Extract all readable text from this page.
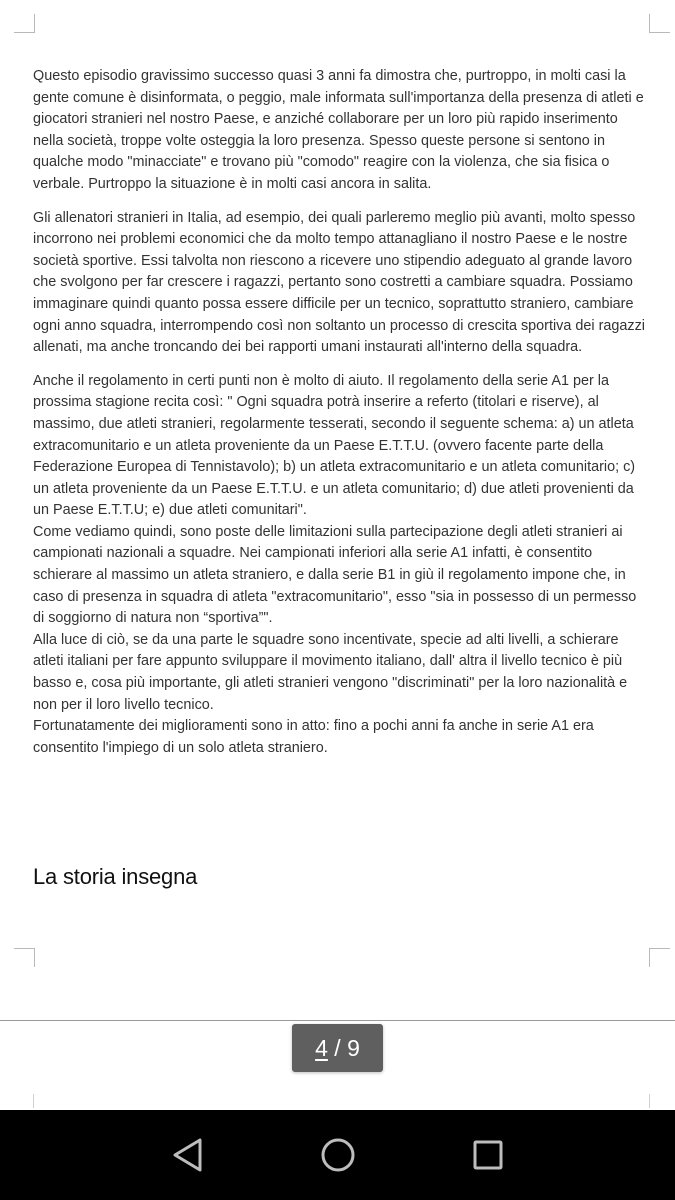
Questo episodio gravissimo successo quasi 3 anni fa dimostra che, purtroppo, in molti casi la gente comune è disinformata, o peggio, male informata sull'importanza della presenza di atleti e giocatori stranieri nel nostro Paese, e anziché collaborare per un loro più rapido inserimento nella società, troppe volte osteggia la loro presenza. Spesso queste persone si sentono in qualche modo "minacciate" e trovano più "comodo" reagire con la violenza, che sia fisica o verbale. Purtroppo la situazione è in molti casi ancora in salita.

Gli allenatori stranieri in Italia, ad esempio, dei quali parleremo meglio più avanti, molto spesso incorrono nei problemi economici che da molto tempo attanagliano il nostro Paese e le nostre società sportive. Essi talvolta non riescono a ricevere uno stipendio adeguato al grande lavoro che svolgono per far crescere i ragazzi, pertanto sono costretti a cambiare squadra. Possiamo immaginare quindi quanto possa essere difficile per un tecnico, soprattutto straniero, cambiare ogni anno squadra, interrompendo così non soltanto un processo di crescita sportiva dei ragazzi allenati, ma anche troncando dei bei rapporti umani instaurati all'interno della squadra.

Anche il regolamento in certi punti non è molto di aiuto. Il regolamento della serie A1 per la prossima stagione recita così: " Ogni squadra potrà inserire a referto (titolari e riserve), al massimo, due atleti stranieri, regolarmente tesserati, secondo il seguente schema: a) un atleta extracomunitario e un atleta proveniente da un Paese E.T.T.U. (ovvero facente parte della Federazione Europea di Tennistavolo); b) un atleta extracomunitario e un atleta comunitario; c) un atleta proveniente da un Paese E.T.T.U. e un atleta comunitario; d) due atleti provenienti da un Paese E.T.T.U; e) due atleti comunitari".

Come vediamo quindi, sono poste delle limitazioni sulla partecipazione degli atleti stranieri ai campionati nazionali a squadre. Nei campionati inferiori alla serie A1 infatti, è consentito schierare al massimo un atleta straniero, e dalla serie B1 in giù il regolamento impone che, in caso di presenza in squadra di atleta "extracomunitario", esso "sia in possesso di un permesso di soggiorno di natura non “sportiva”".

Alla luce di ciò, se da una parte le squadre sono incentivate, specie ad alti livelli, a schierare atleti italiani per fare appunto sviluppare il movimento italiano, dall' altra il livello tecnico è più basso e, cosa più importante, gli atleti stranieri vengono "discriminati" per la loro nazionalità e non per il loro livello tecnico.

Fortunatamente dei miglioramenti sono in atto: fino a pochi anni fa anche in serie A1 era consentito l'impiego di un solo atleta straniero.

La storia insegna
4 / 9
